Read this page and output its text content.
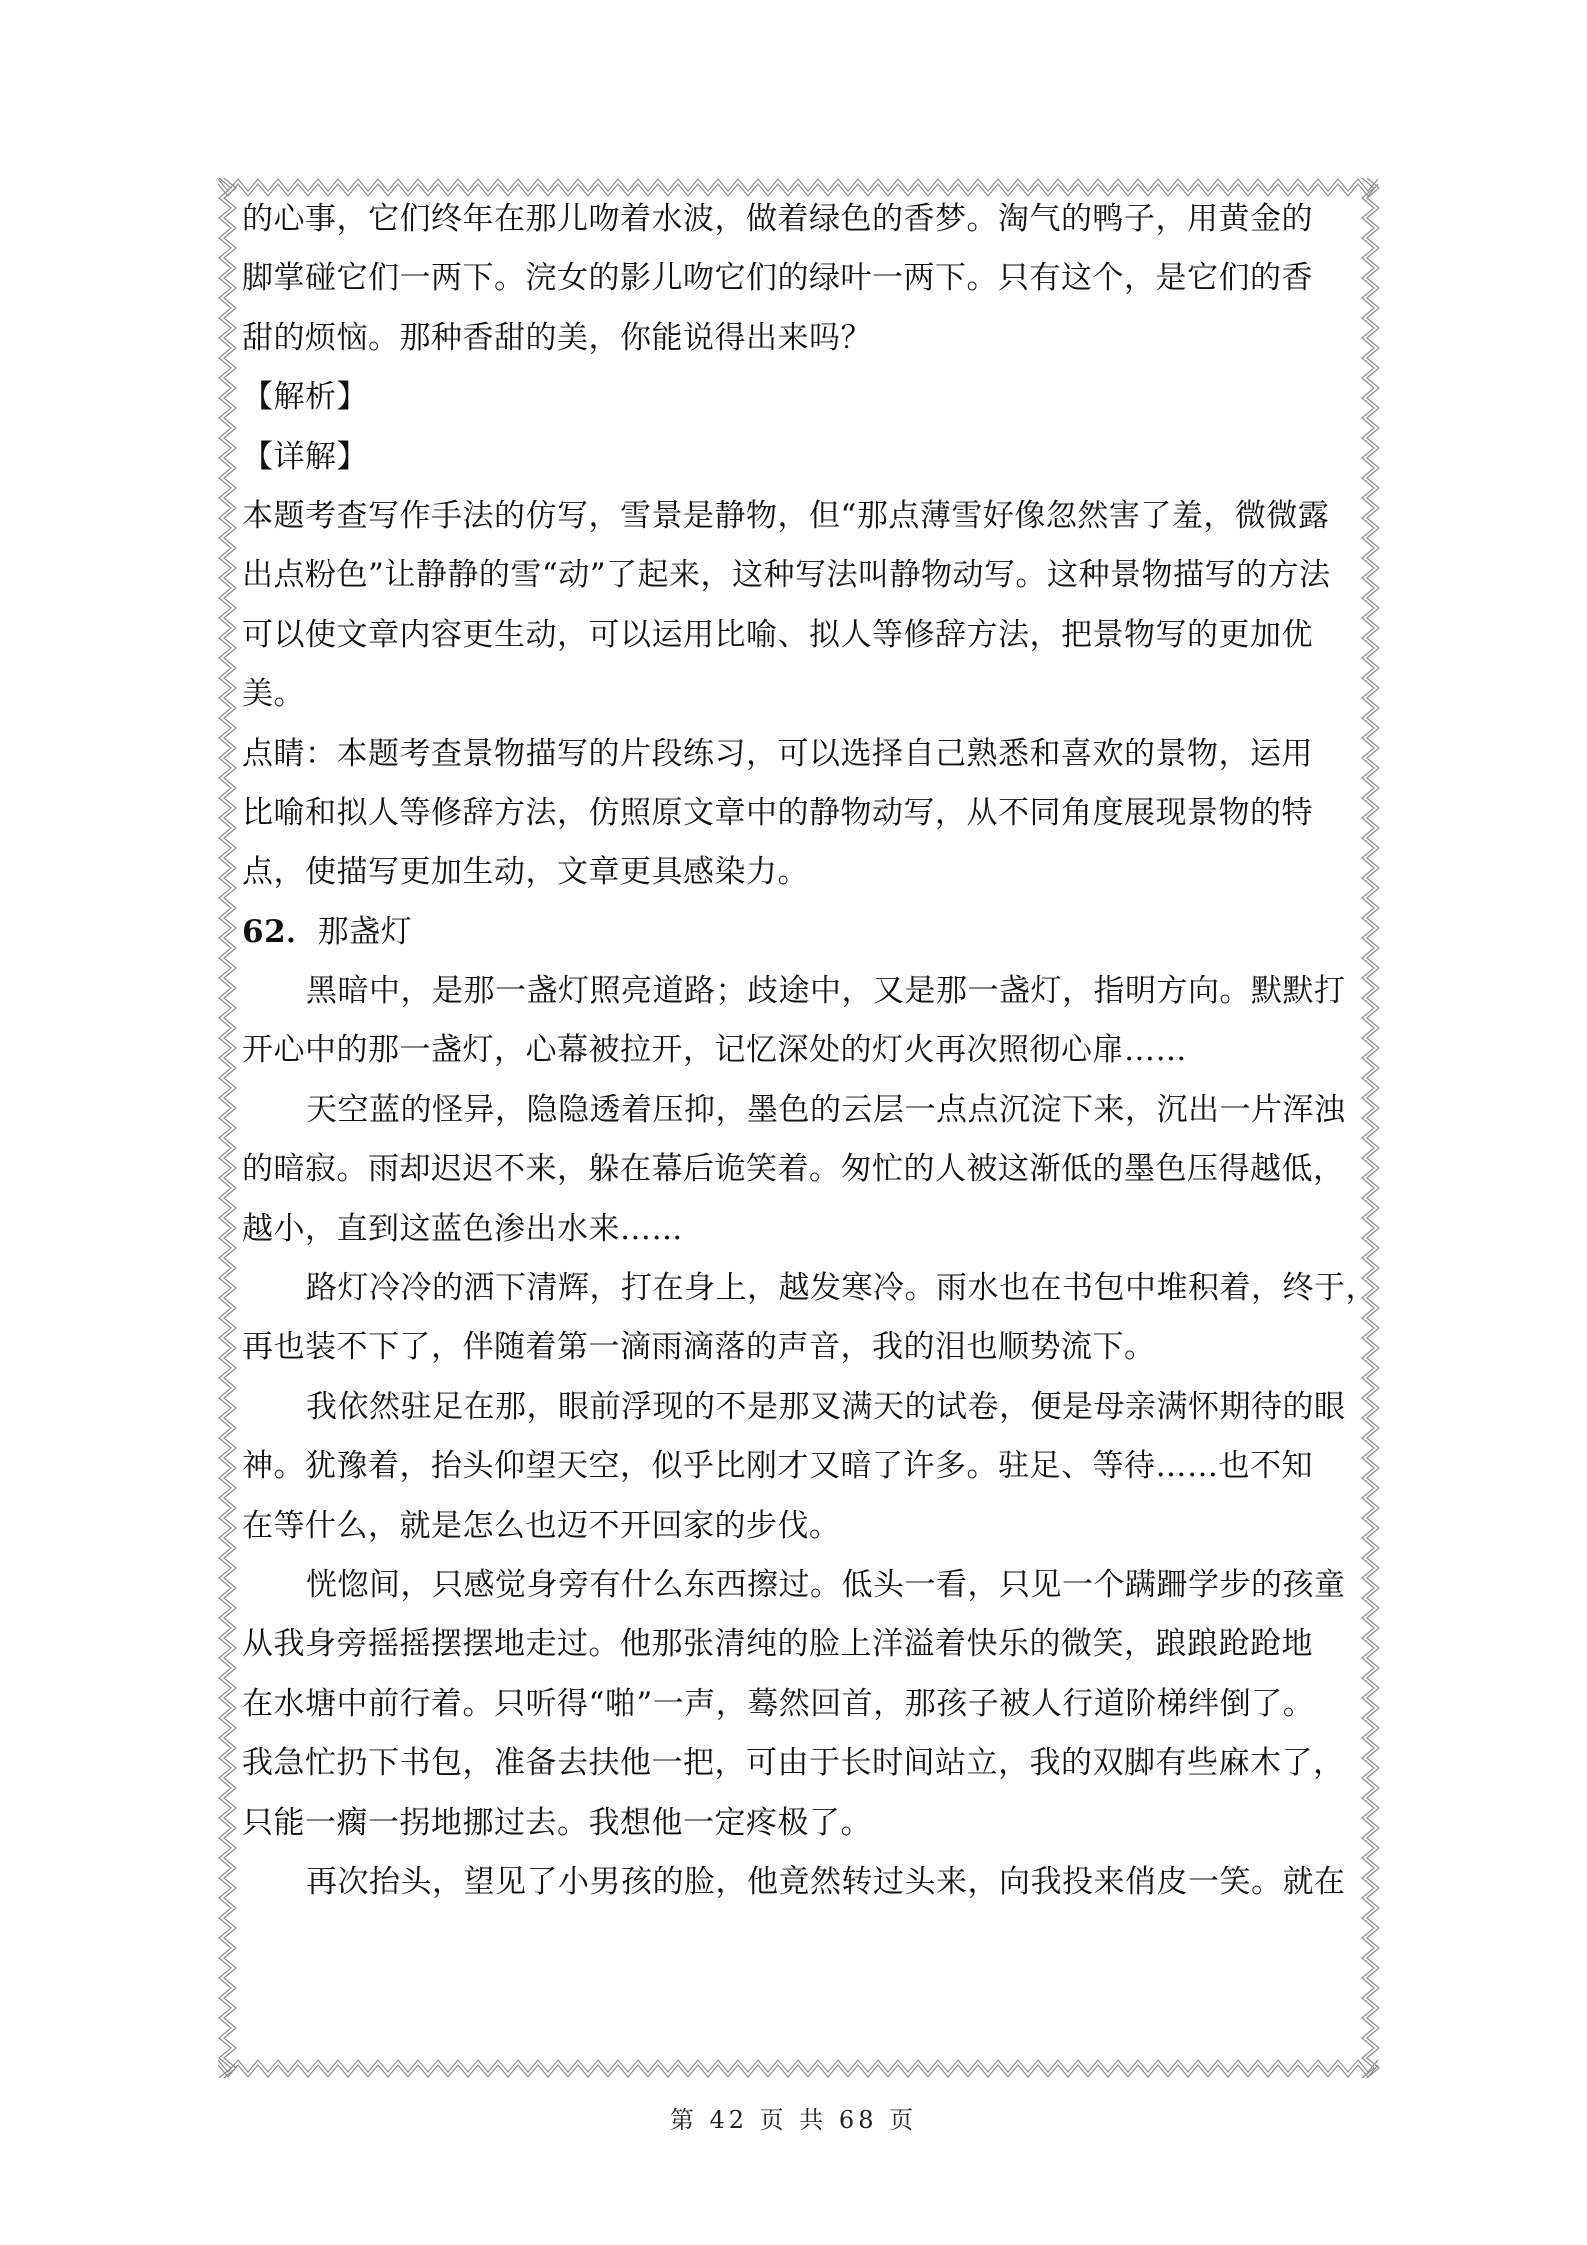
的心事，它们终年在那儿吻着水波，做着绿色的香梦。淘气的鸭子，用黄金的
脚掌碰它们一两下。浣女的影儿吻它们的绿叶一两下。只有这个，是它们的香
甜的烦恼。那种香甜的美，你能说得出来吗？
【解析】
【详解】
本题考查写作手法的仿写，雪景是静物，但“那点薄雪好像忽然害了羞，微微露
出点粉色”让静静的雪“动”了起来，这种写法叫静物动写。这种景物描写的方法
可以使文章内容更生动，可以运用比喻、拟人等修辞方法，把景物写的更加优
美。
点睛：本题考查景物描写的片段练习，可以选择自己熟悉和喜欢的景物，运用
比喻和拟人等修辞方法，仿照原文章中的静物动写，从不同角度展现景物的特
点，使描写更加生动，文章更具感染力。
62．那盏灯
黑暗中，是那一盏灯照亮道路；歧途中，又是那一盏灯，指明方向。默默打
开心中的那一盏灯，心幕被拉开，记忆深处的灯火再次照彻心扉……
天空蓝的怪异，隐隐透着压抑，墨色的云层一点点沉淀下来，沉出一片浑浊
的暗寂。雨却迟迟不来，躲在幕后诡笑着。匆忙的人被这渐低的墨色压得越低，
越小，直到这蓝色渗出水来……
路灯冷冷的洒下清辉，打在身上，越发寒冷。雨水也在书包中堆积着，终于，
再也装不下了，伴随着第一滴雨滴落的声音，我的泪也顺势流下。
我依然驻足在那，眼前浮现的不是那叉满天的试卷，便是母亲满怀期待的眼
神。犹豫着，抬头仰望天空，似乎比刚才又暗了许多。驻足、等待……也不知
在等什么，就是怎么也迈不开回家的步伐。
恍惚间，只感觉身旁有什么东西擦过。低头一看，只见一个蹒跚学步的孩童
从我身旁摇摇摆摆地走过。他那张清纯的脸上洋溢着快乐的微笑，踉踉跄跄地
在水塘中前行着。只听得“啪”一声，蓦然回首，那孩子被人行道阶梯绊倒了。
我急忙扔下书包，准备去扶他一把，可由于长时间站立，我的双脚有些麻木了，
只能一瘸一拐地挪过去。我想他一定疼极了。
再次抬头，望见了小男孩的脸，他竟然转过头来，向我投来俏皮一笑。就在
第 42 页 共 68 页
